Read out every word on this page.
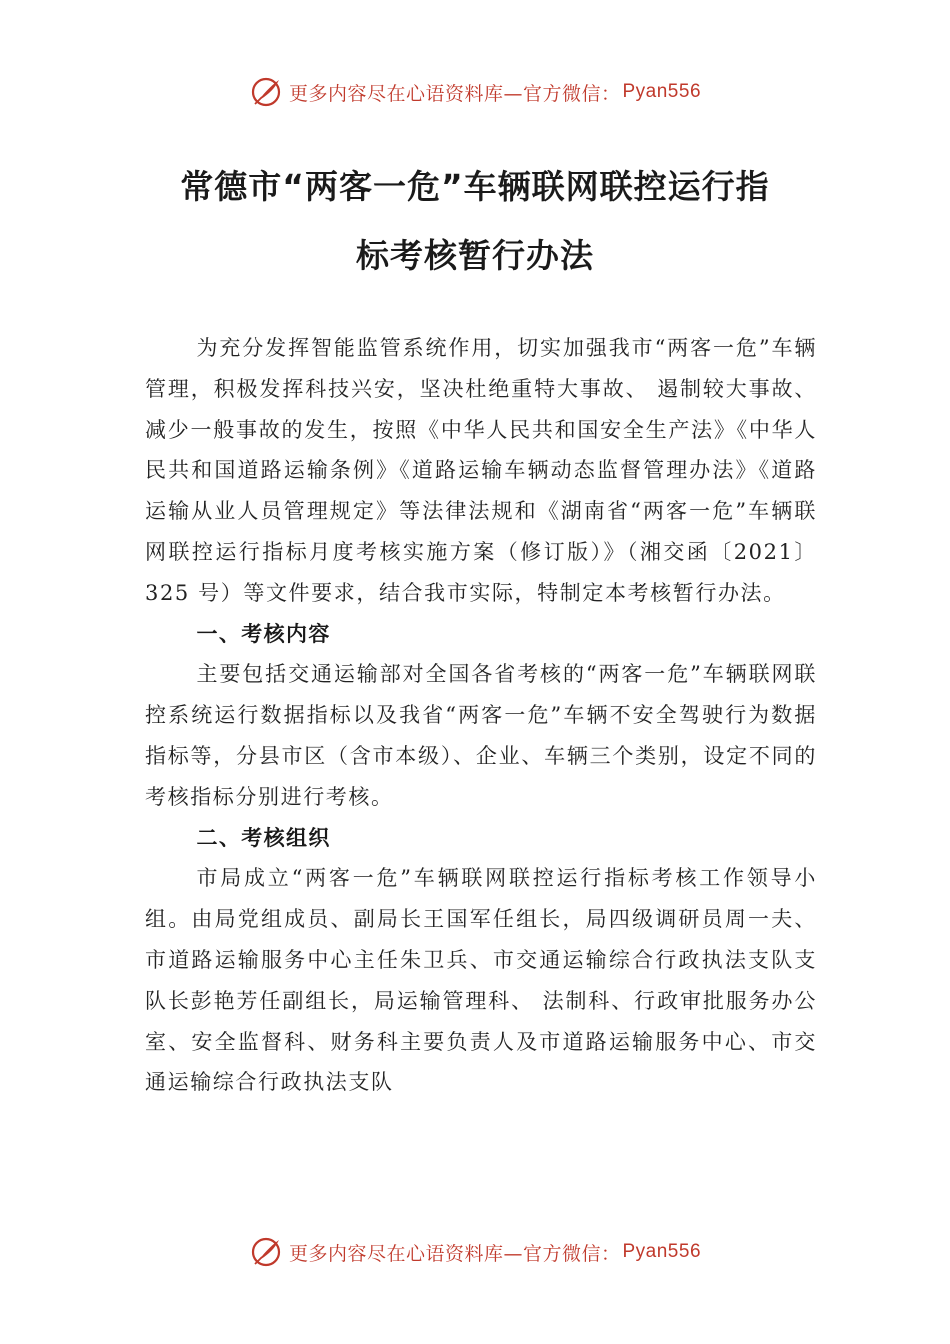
更多内容尽在心语资料库—官方微信： Pyan556
常德市“两客一危”车辆联网联控运行指
标考核暂行办法

为充分发挥智能监管系统作用，切实加强我市“两客一危”车辆管理，积极发挥科技兴安，坚决杜绝重特大事故、 遏制较大事故、减少一般事故的发生，按照《中华人民共和国安全生产法》《中华人民共和国道路运输条例》《道路运输车辆动态监督管理办法》《道路运输从业人员管理规定》等法律法规和《湖南省“两客一危”车辆联网联控运行指标月度考核实施方案（修订版）》（湘交函〔2021〕325 号）等文件要求，结合我市实际，特制定本考核暂行办法。

一、考核内容

主要包括交通运输部对全国各省考核的“两客一危”车辆联网联控系统运行数据指标以及我省“两客一危”车辆不安全驾驶行为数据指标等，分县市区（含市本级）、企业、车辆三个类别，设定不同的考核指标分别进行考核。

二、考核组织

市局成立“两客一危”车辆联网联控运行指标考核工作领导小组。由局党组成员、副局长王国军任组长，局四级调研员周一夫、市道路运输服务中心主任朱卫兵、市交通运输综合行政执法支队支队长彭艳芳任副组长，局运输管理科、 法制科、行政审批服务办公室、安全监督科、财务科主要负责人及市道路运输服务中心、市交通运输综合行政执法支队

更多内容尽在心语资料库—官方微信： Pyan556
